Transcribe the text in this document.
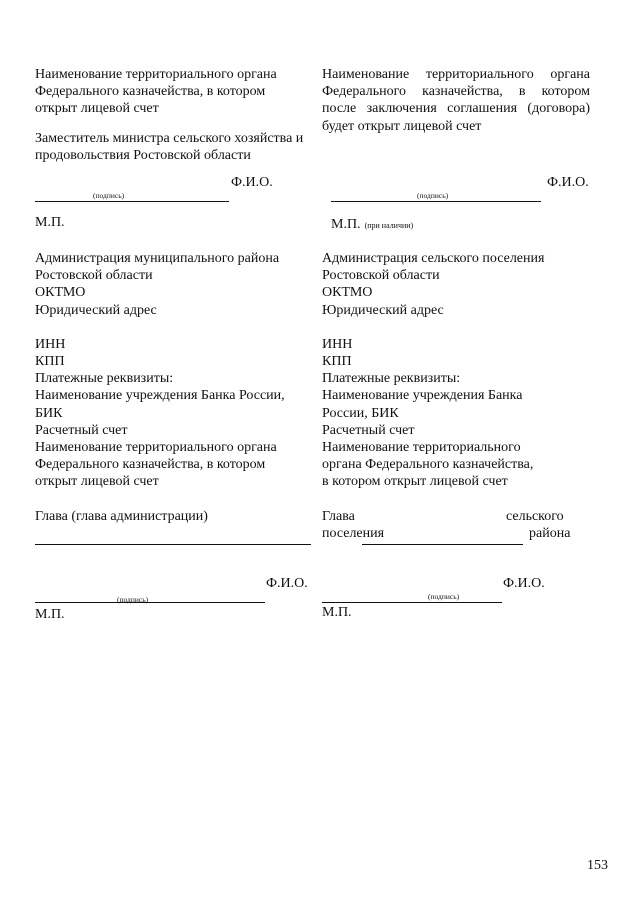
Наименование территориального органа Федерального казначейства, в котором открыт лицевой счет

Заместитель министра сельского хозяйства и продовольствия Ростовской области

Ф.И.О.
(подпись)
М.П.

Администрация муниципального района

Ростовской области

ОКТМО

Юридический адрес

ИНН

КПП

Платежные реквизиты:

Наименование учреждения Банка России,

БИК

Расчетный счет

Наименование территориального органа

Федерального казначейства, в котором

открыт лицевой счет

Глава (глава администрации)
Ф.И.О.
(подпись)
М.П.

Наименование территориального органа Федерального казначейства, в котором после заключения соглашения (договора) будет открыт лицевой счет

Ф.И.О.
(подпись)
М.П. (при наличии)

Администрация сельского поселения

Ростовской области

ОКТМО

Юридический адрес

ИНН

КПП

Платежные реквизиты:

Наименование учреждения Банка

России, БИК

Расчетный счет

Наименование территориального

органа Федерального казначейства,

в котором открыт лицевой счет

Глава	сельского
поселения	района
Ф.И.О.
(подпись)
М.П.
153
